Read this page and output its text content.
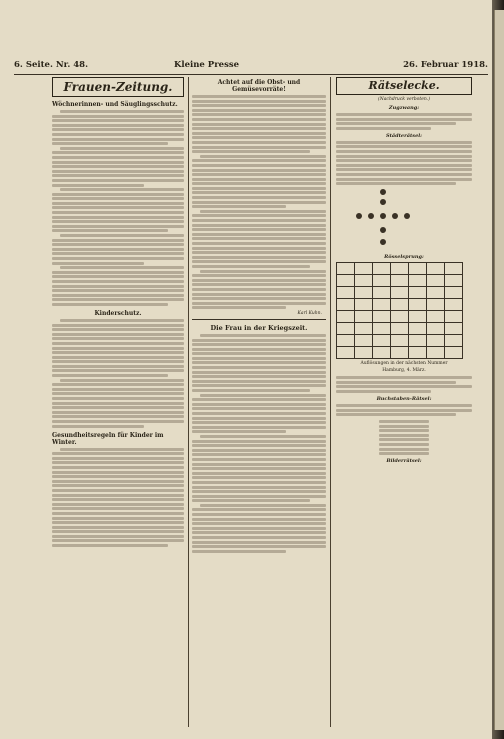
6. Seite. Nr. 48.	Kleine Presse	26. Februar 1918.
Frauen-Zeitung.
Wöchnerinnen- und Säuglingsschutz.
Kinderschutz.
Gesundheitsregeln für Kinder im Winter.
Achtet auf die Obst- und Gemüsevorräte!
Karl Kuhn.
Die Frau in der Kriegszeit.
Rätselecke.
(Nachdruck verboten.)
Zugzwang:
Städterätsel:
Rösselsprung:

Auflösungen in der nächsten Nummer
Hamburg, 4. März.
Buchstaben-Rätsel:
Bilderrätsel:
